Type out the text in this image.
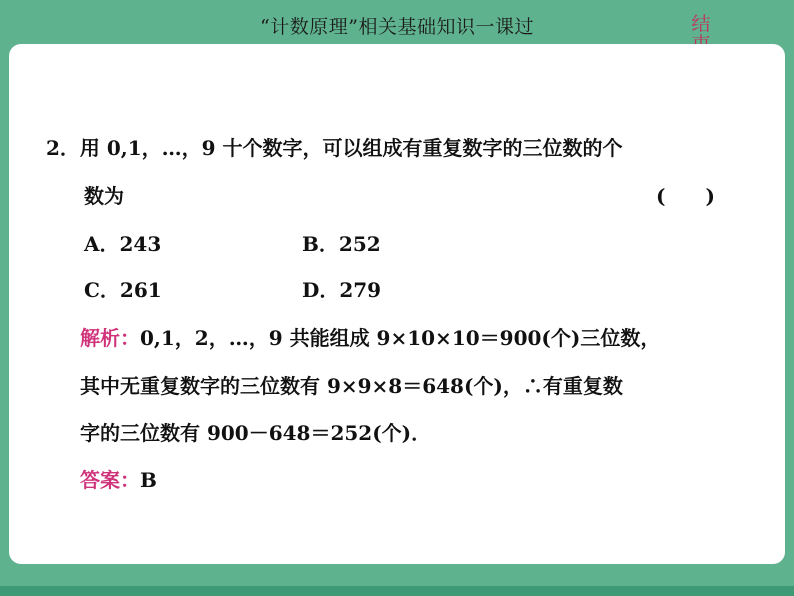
“计数原理”相关基础知识一课过	结
2．用 0,1，…，9 十个数字，可以组成有重复数字的三位数的个
数为	(　　)
A．243	B．252
C．261	D．279
解析：0,1，2，…，9 共能组成 9×10×10＝900(个)三位数，
其中无重复数字的三位数有 9×9×8＝648(个)，∴有重复数
字的三位数有 900－648＝252(个)．
答案：B
